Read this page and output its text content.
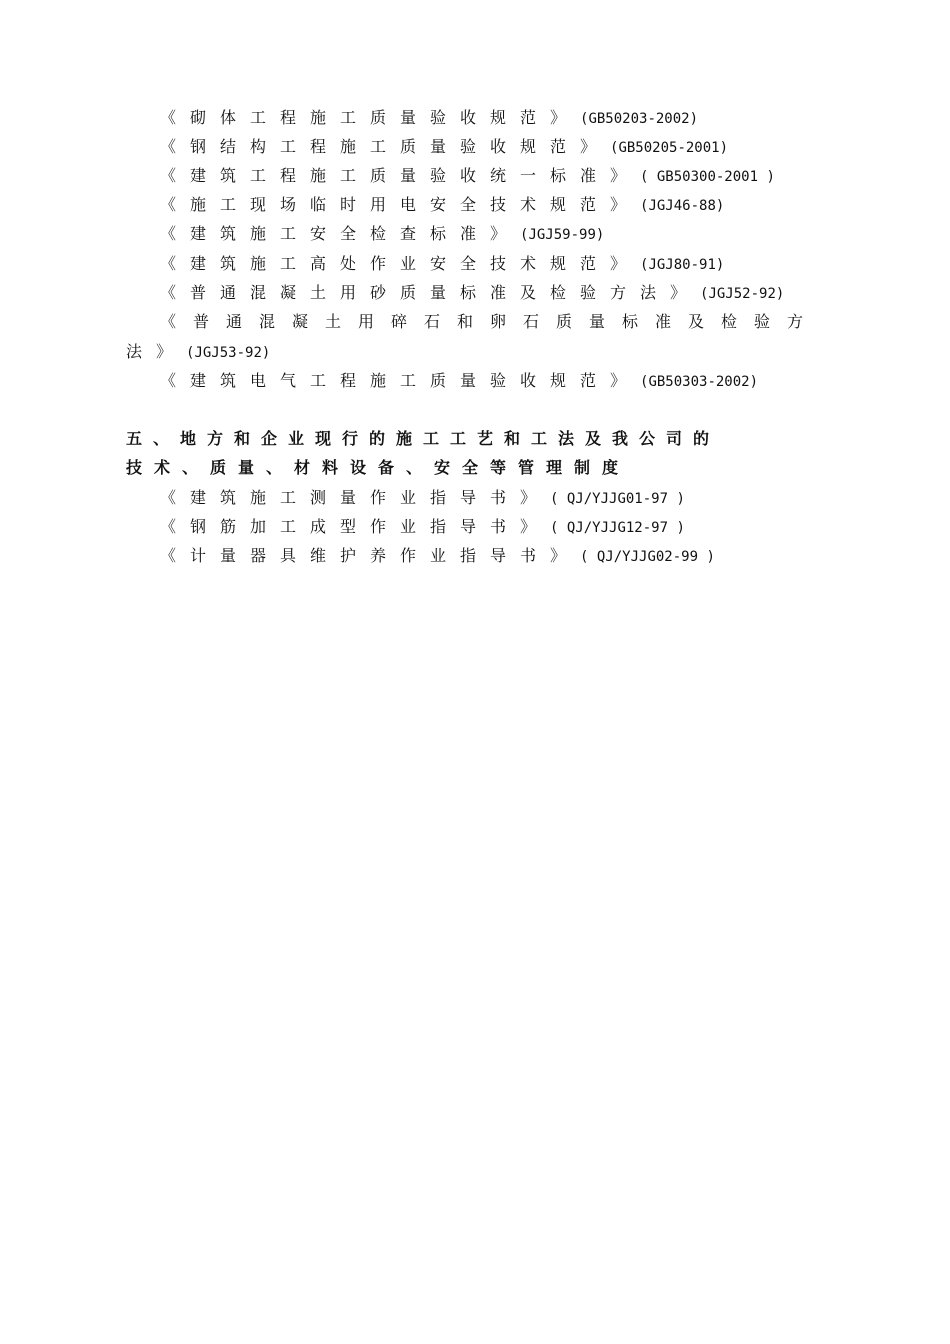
《砌体工程施工质量验收规范》(GB50203-2002)
《钢结构工程施工质量验收规范》(GB50205-2001)
《建筑工程施工质量验收统一标准》( GB50300-2001 )
《施工现场临时用电安全技术规范》(JGJ46-88)
《建筑施工安全检查标准》(JGJ59-99)
《建筑施工高处作业安全技术规范》(JGJ80-91)
《普通混凝土用砂质量标准及检验方法》(JGJ52-92)
《普通混凝土用碎石和卵石质量标准及检验方
法》(JGJ53-92)
《建筑电气工程施工质量验收规范》(GB50303-2002)
五、地方和企业现行的施工工艺和工法及我公司的
技术、质量、材料设备、安全等管理制度
《建筑施工测量作业指导书》( QJ/YJJG01-97 )
《钢筋加工成型作业指导书》( QJ/YJJG12-97 )
《计量器具维护养作业指导书》( QJ/YJJG02-99 )
